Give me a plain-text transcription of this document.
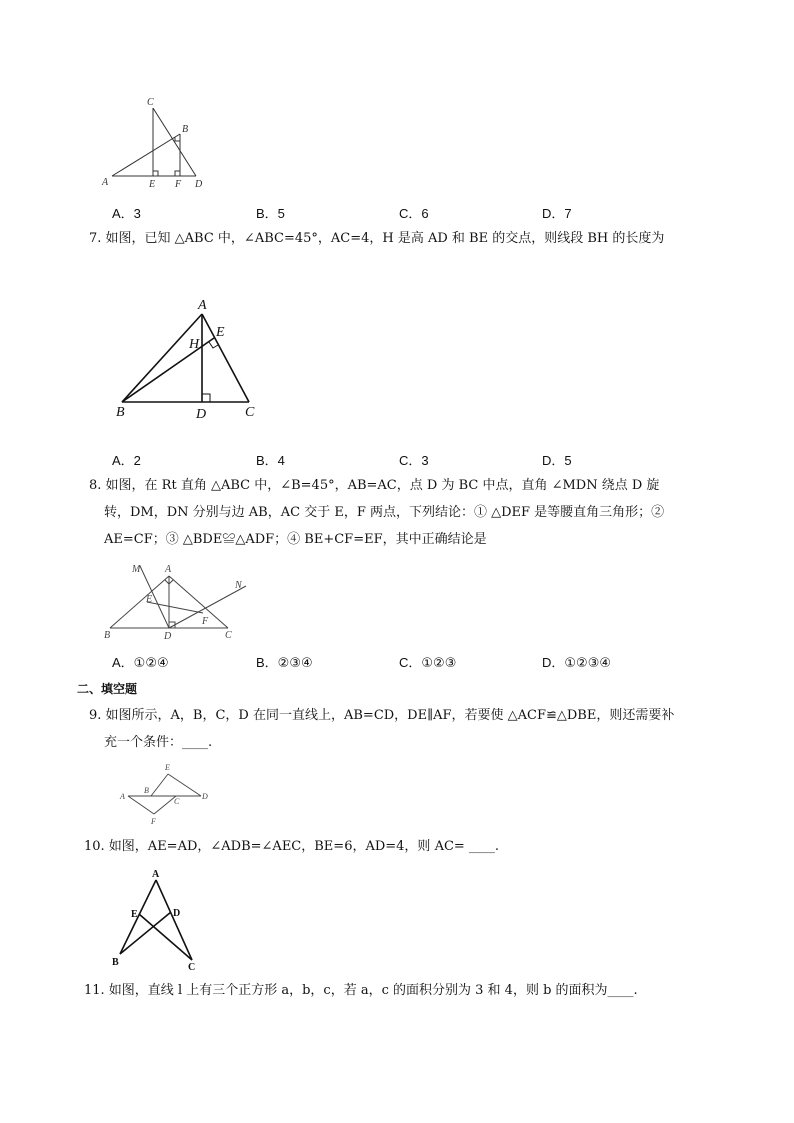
C
B
A	E F D
A．3	B．5	C．6	D．7
7. 如图，已知 △ABC 中，∠ABC=45°，AC=4，H 是高 AD 和 BE 的交点，则线段 BH 的长度为
A
E
H
B	D	C
A．2	B．4	C．3	D．5
8. 如图，在 Rt 直角 △ABC 中，∠B=45°，AB=AC，点 D 为 BC 中点，直角 ∠MDN 绕点 D 旋
转，DM，DN 分别与边 AB，AC 交于 E，F 两点，下列结论：① △DEF 是等腰直角三角形；②
AE=CF；③ △BDE≌△ADF；④ BE+CF=EF，其中正确结论是
M A
E
N
F
B	D	C
A．①②④	B．②③④	C．①②③	D．①②③④
二、填空题
9. 如图所示，A，B，C，D 在同一直线上，AB=CD，DE∥AF，若要使 △ACF≌△DBE，则还需要补
充一个条件：____.
E
A
B
C
D
F
10. 如图，AE=AD，∠ADB=∠AEC，BE=6，AD=4，则 AC= ____.
A
E	D
B	C
11. 如图，直线 l 上有三个正方形 a，b，c，若 a，c 的面积分别为 3 和 4，则 b 的面积为____.
